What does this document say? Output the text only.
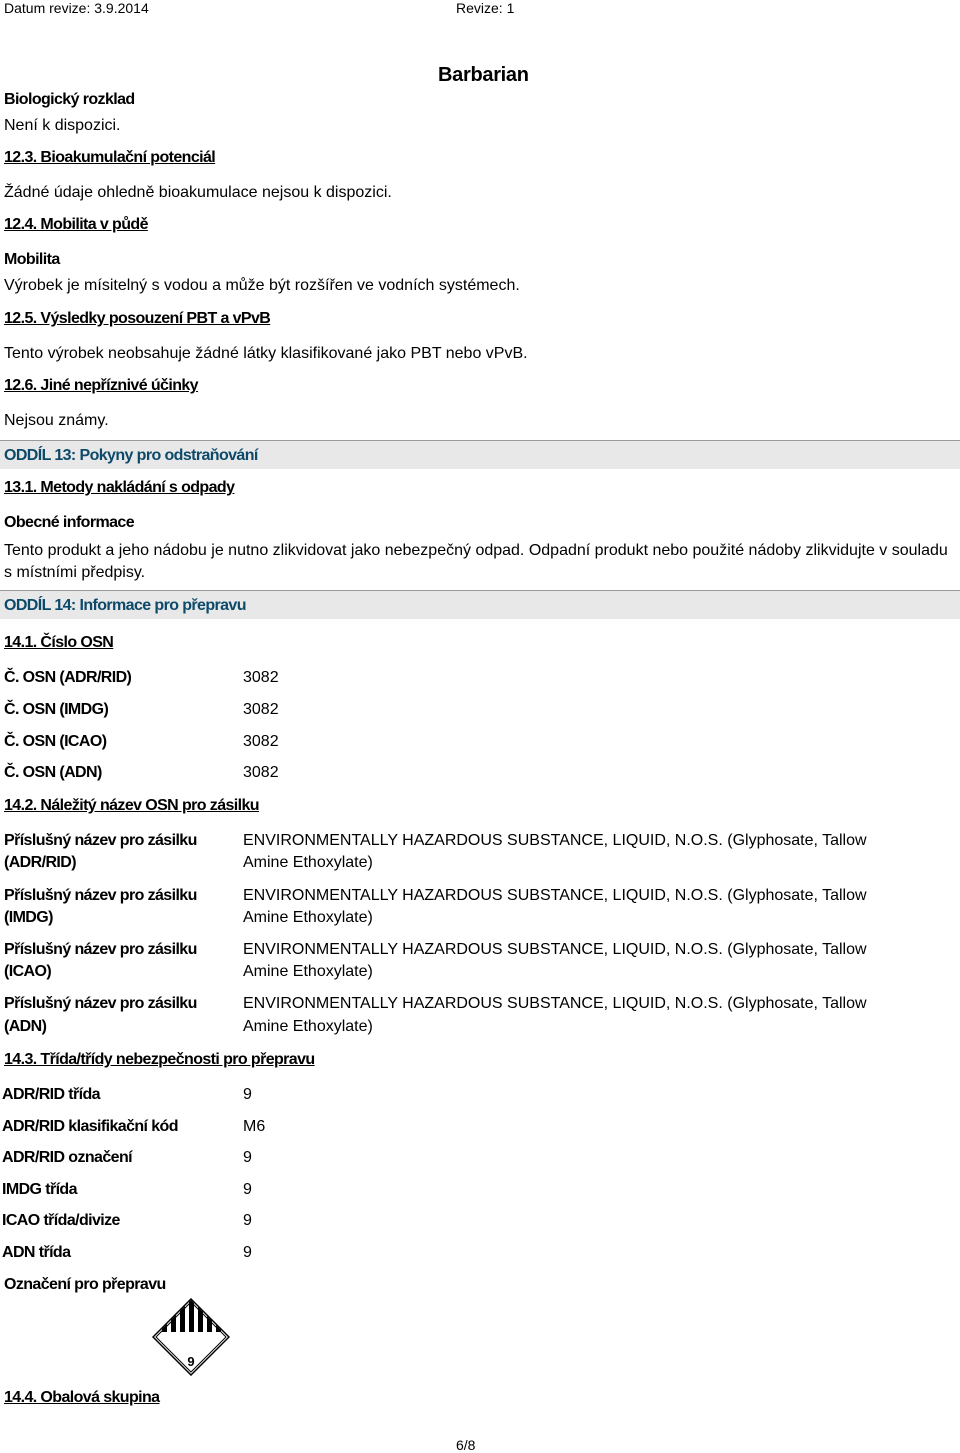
Datum revize: 3.9.2014	Revize: 1
Barbarian
Biologický rozklad
Není k dispozici.
12.3. Bioakumulační potenciál
Žádné údaje ohledně bioakumulace nejsou k dispozici.
12.4. Mobilita v půdě
Mobilita
Výrobek je mísitelný s vodou a může být rozšířen ve vodních systémech.
12.5. Výsledky posouzení PBT a vPvB
Tento výrobek neobsahuje žádné látky klasifikované jako PBT nebo vPvB.
12.6. Jiné nepříznivé účinky
Nejsou známy.
ODDÍL 13: Pokyny pro odstraňování
13.1. Metody nakládání s odpady
Obecné informace
Tento produkt a jeho nádobu je nutno zlikvidovat jako nebezpečný odpad. Odpadní produkt nebo použité nádoby zlikvidujte v souladu s místními předpisy.
ODDÍL 14: Informace pro přepravu
14.1. Číslo OSN
Č. OSN (ADR/RID)	3082
Č. OSN (IMDG)	3082
Č. OSN (ICAO)	3082
Č. OSN (ADN)	3082
14.2. Náležitý název OSN pro zásilku
Příslušný název pro zásilku
(ADR/RID)
ENVIRONMENTALLY HAZARDOUS SUBSTANCE, LIQUID, N.O.S. (Glyphosate, Tallow
Amine Ethoxylate)
Příslušný název pro zásilku
(IMDG)
ENVIRONMENTALLY HAZARDOUS SUBSTANCE, LIQUID, N.O.S. (Glyphosate, Tallow
Amine Ethoxylate)
Příslušný název pro zásilku
(ICAO)
ENVIRONMENTALLY HAZARDOUS SUBSTANCE, LIQUID, N.O.S. (Glyphosate, Tallow
Amine Ethoxylate)
Příslušný název pro zásilku
(ADN)
ENVIRONMENTALLY HAZARDOUS SUBSTANCE, LIQUID, N.O.S. (Glyphosate, Tallow
Amine Ethoxylate)
14.3. Třída/třídy nebezpečnosti pro přepravu
ADR/RID třída	9
ADR/RID klasifikační kód	M6
ADR/RID označení	9
IMDG třída	9
ICAO třída/divize	9
ADN třída	9
Označení pro přepravu
9
14.4. Obalová skupina
6/8
